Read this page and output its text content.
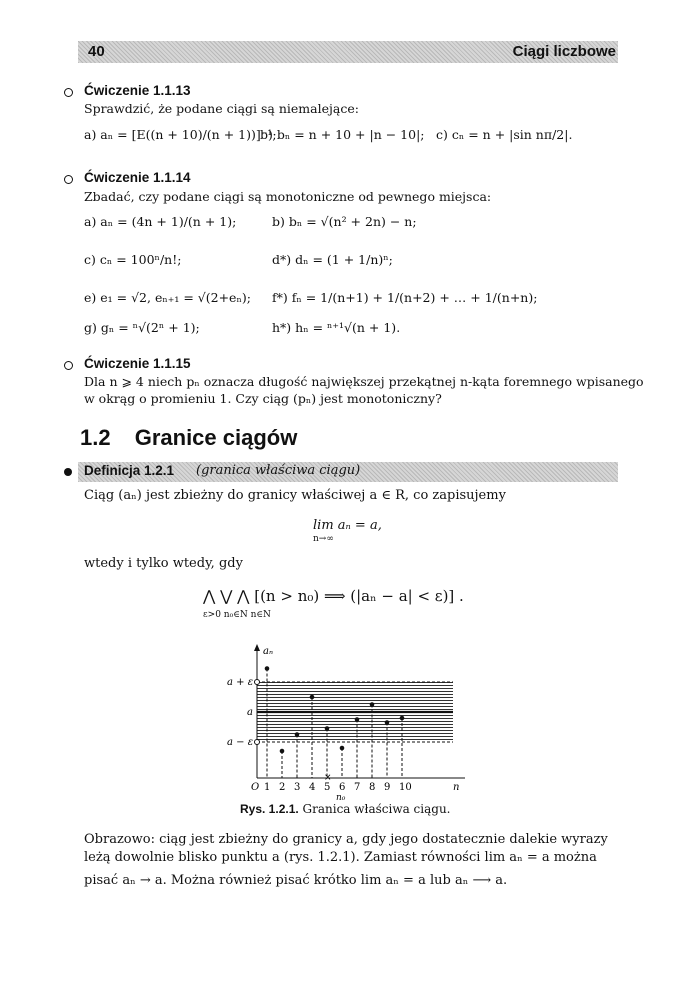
40	Ciągi liczbowe
Ćwiczenie 1.1.13
Sprawdzić, że podane ciągi są niemalejące:
a) aₙ = [E((n + 10)/(n + 1))]⁻¹;
b) bₙ = n + 10 + |n − 10|; c) cₙ = n + |sin nπ/2|.
Ćwiczenie 1.1.14
Zbadać, czy podane ciągi są monotoniczne od pewnego miejsca:
a) aₙ = (4n + 1)/(n + 1);	b) bₙ = √(n² + 2n) − n;
c) cₙ = 100ⁿ/n!;	d*) dₙ = (1 + 1/n)ⁿ;
e) e₁ = √2, eₙ₊₁ = √(2+eₙ); f*) fₙ = 1/(n+1) + 1/(n+2) + … + 1/(n+n);
g) gₙ = ⁿ√(2ⁿ + 1);	h*) hₙ = ⁿ⁺¹√(n + 1).
Ćwiczenie 1.1.15
Dla n ⩾ 4 niech pₙ oznacza długość największej przekątnej n-kąta foremnego wpisanego
w okrąg o promieniu 1. Czy ciąg (pₙ) jest monotoniczny?
1.2 Granice ciągów
Definicja 1.2.1 (granica właściwa ciągu)
Ciąg (aₙ) jest zbieżny do granicy właściwej a ∈ R, co zapisujemy
lim aₙ = a,
n→∞
wtedy i tylko wtedy, gdy
⋀ ⋁ ⋀ [(n > n₀) ⟹ (|aₙ − a| < ε)] .
ε>0 n₀∈N n∈N
1 2 3 4 5 6 7 8 9 10
×
aₙ
a + ε
a
a − ε
O	n
n₀
Rys. 1.2.1. Granica właściwa ciągu.
Obrazowo: ciąg jest zbieżny do granicy a, gdy jego dostatecznie dalekie wyrazy
leżą dowolnie blisko punktu a (rys. 1.2.1). Zamiast równości lim aₙ = a można
pisać aₙ → a. Można również pisać krótko lim aₙ = a lub aₙ ⟶ a.
